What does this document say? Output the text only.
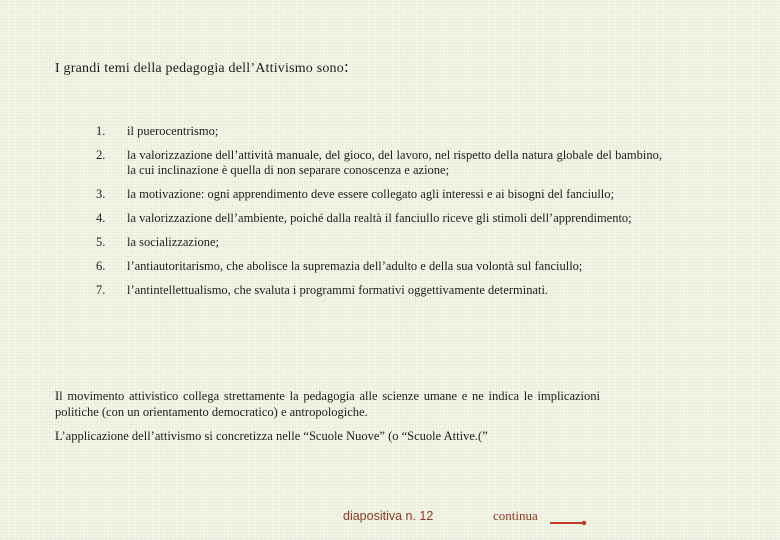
I grandi temi della pedagogia dell’Attivismo sono:
1. il puerocentrismo;
2. la valorizzazione dell’attività manuale, del gioco, del lavoro, nel rispetto della natura globale del bambino, la cui inclinazione è quella di non separare conoscenza e azione;
3. la motivazione: ogni apprendimento deve essere collegato agli interessi e ai bisogni del fanciullo;
4. la valorizzazione dell’ambiente, poiché dalla realtà il fanciullo riceve gli stimoli dell’apprendimento;
5. la socializzazione;
6. l’antiautoritarismo, che abolisce la supremazia dell’adulto e della sua volontà sul fanciullo;
7. l’antintellettualismo, che svaluta i programmi formativi oggettivamente determinati.

Il movimento attivistico collega strettamente la pedagogia alle scienze umane e ne indica le implicazioni politiche (con un orientamento democratico) e antropologiche.

L’applicazione dell’attivismo si concretizza nelle “Scuole Nuove” (o “Scuole Attive.(”

diapositiva n. 12	continua
